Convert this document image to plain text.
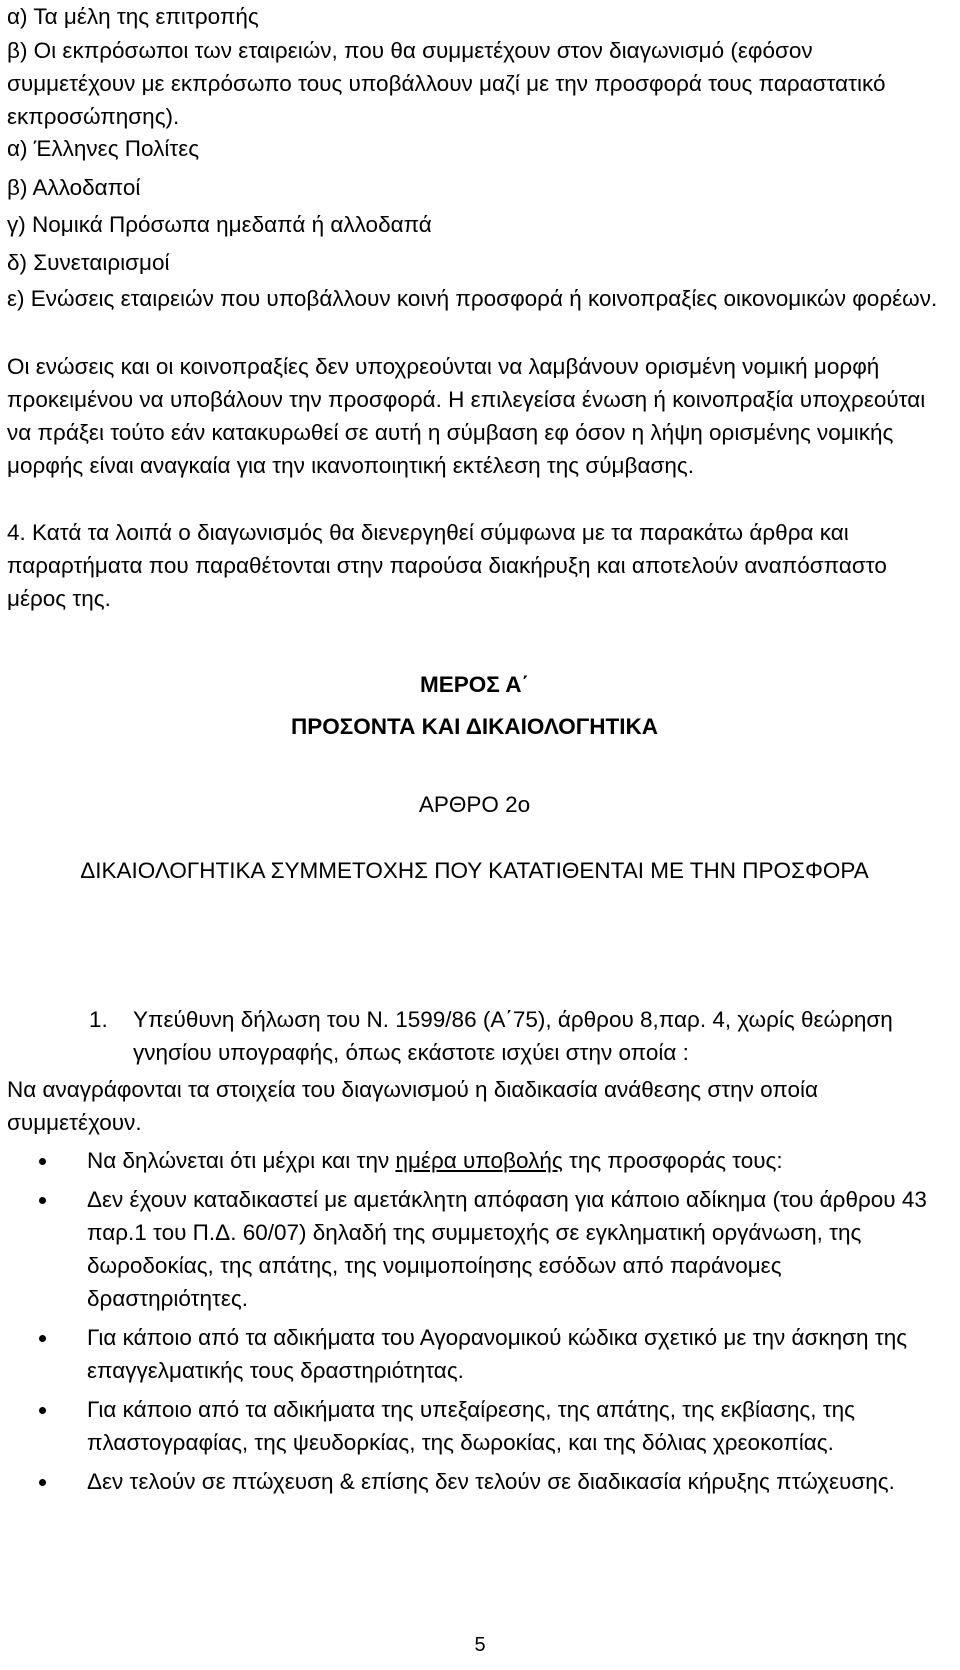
α) Τα μέλη της επιτροπής

β) Οι εκπρόσωποι των εταιρειών, που θα συμμετέχουν στον διαγωνισμό (εφόσον συμμετέχουν με εκπρόσωπο τους υποβάλλουν μαζί με την προσφορά τους παραστατικό εκπροσώπησης).

α) Έλληνες Πολίτες

β) Αλλοδαποί

γ) Νομικά Πρόσωπα ημεδαπά ή αλλοδαπά

δ) Συνεταιρισμοί

ε) Ενώσεις εταιρειών που υποβάλλουν κοινή προσφορά ή κοινοπραξίες οικονομικών φορέων.

Οι ενώσεις και οι κοινοπραξίες δεν υποχρεούνται να λαμβάνουν ορισμένη νομική μορφή προκειμένου να υποβάλουν την προσφορά. Η επιλεγείσα ένωση ή κοινοπραξία υποχρεούται να πράξει τούτο εάν κατακυρωθεί σε αυτή η σύμβαση εφ όσον η λήψη ορισμένης νομικής μορφής είναι αναγκαία για την ικανοποιητική εκτέλεση της σύμβασης.

4. Κατά τα λοιπά ο διαγωνισμός θα διενεργηθεί σύμφωνα με τα παρακάτω άρθρα και παραρτήματα που παραθέτονται στην παρούσα διακήρυξη και αποτελούν αναπόσπαστο μέρος της.

ΜΕΡΟΣ Α΄

ΠΡΟΣΟΝΤΑ ΚΑΙ ΔΙΚΑΙΟΛΟΓΗΤΙΚΑ

ΑΡΘΡΟ 2ο

ΔΙΚΑΙΟΛΟΓΗΤΙΚΑ ΣΥΜΜΕΤΟΧΗΣ ΠΟΥ ΚΑΤΑΤΙΘΕΝΤΑΙ ΜΕ ΤΗΝ ΠΡΟΣΦΟΡΑ

1.	Υπεύθυνη δήλωση του Ν. 1599/86 (Α΄75), άρθρου 8,παρ. 4, χωρίς θεώρηση γνησίου υπογραφής, όπως εκάστοτε ισχύει στην οποία :

Να αναγράφονται τα στοιχεία του διαγωνισμού η διαδικασία ανάθεσης στην οποία συμμετέχουν.

Να δηλώνεται ότι μέχρι και την ημέρα υποβολής της προσφοράς τους:
Δεν έχουν καταδικαστεί με αμετάκλητη απόφαση για κάποιο αδίκημα (του άρθρου 43 παρ.1 του Π.Δ. 60/07) δηλαδή της συμμετοχής σε εγκληματική οργάνωση, της δωροδοκίας, της απάτης, της νομιμοποίησης εσόδων από παράνομες δραστηριότητες.
Για κάποιο από τα αδικήματα του Αγορανομικού κώδικα σχετικό με την άσκηση της επαγγελματικής τους δραστηριότητας.
Για κάποιο από τα αδικήματα της υπεξαίρεσης, της απάτης, της εκβίασης, της πλαστογραφίας, της ψευδορκίας, της δωροκίας, και της δόλιας χρεοκοπίας.
Δεν τελούν σε πτώχευση & επίσης δεν τελούν σε διαδικασία κήρυξης πτώχευσης.
5
